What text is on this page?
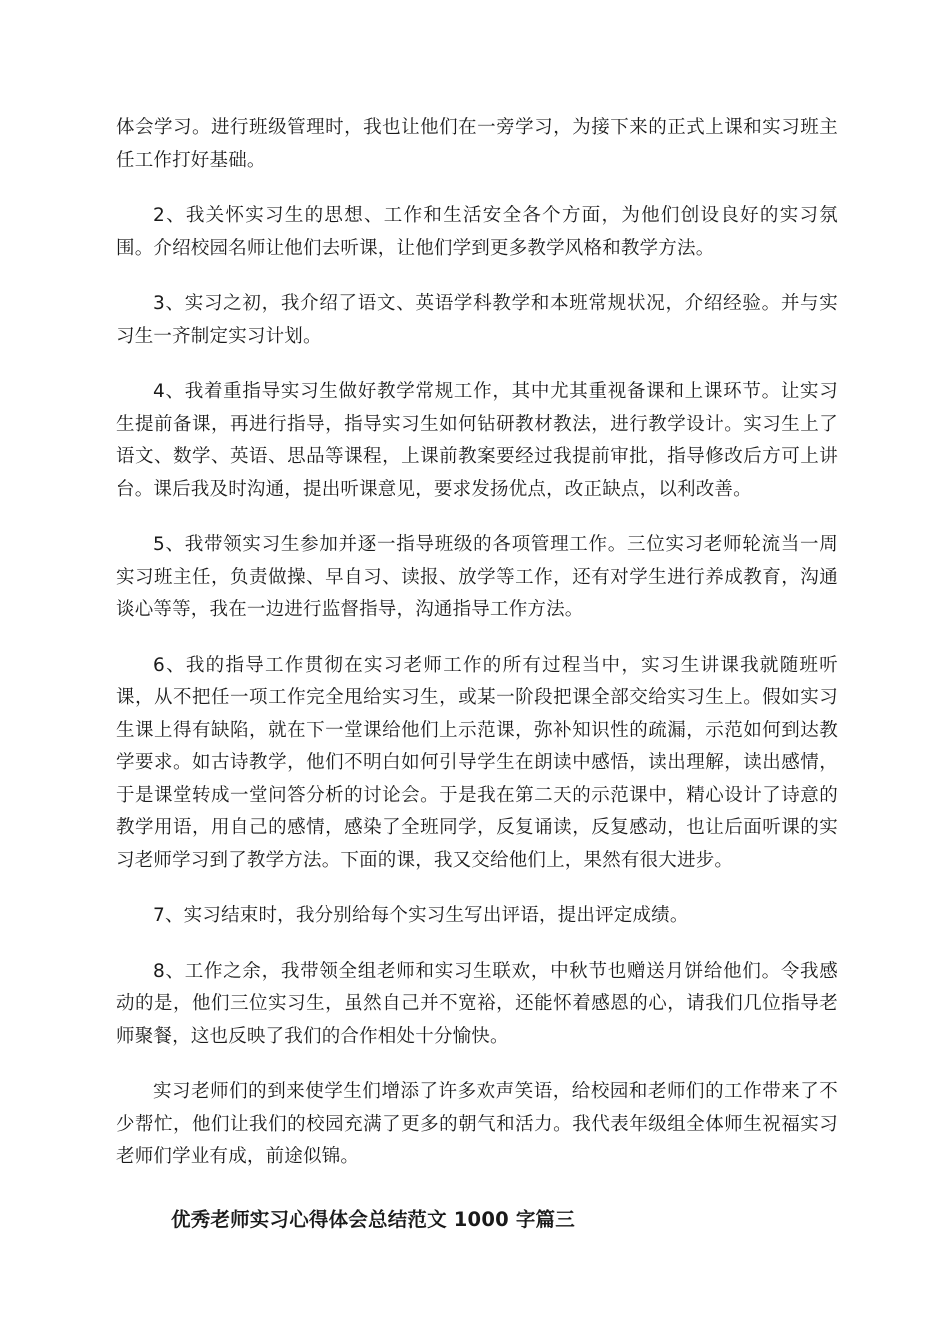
体会学习。进行班级管理时，我也让他们在一旁学习，为接下来的正式上课和实习班主任工作打好基础。

2、我关怀实习生的思想、工作和生活安全各个方面，为他们创设良好的实习氛围。介绍校园名师让他们去听课，让他们学到更多教学风格和教学方法。

3、实习之初，我介绍了语文、英语学科教学和本班常规状况，介绍经验。并与实习生一齐制定实习计划。

4、我着重指导实习生做好教学常规工作，其中尤其重视备课和上课环节。让实习生提前备课，再进行指导，指导实习生如何钻研教材教法，进行教学设计。实习生上了语文、数学、英语、思品等课程，上课前教案要经过我提前审批，指导修改后方可上讲台。课后我及时沟通，提出听课意见，要求发扬优点，改正缺点，以利改善。

5、我带领实习生参加并逐一指导班级的各项管理工作。三位实习老师轮流当一周实习班主任，负责做操、早自习、读报、放学等工作，还有对学生进行养成教育，沟通谈心等等，我在一边进行监督指导，沟通指导工作方法。

6、我的指导工作贯彻在实习老师工作的所有过程当中，实习生讲课我就随班听课，从不把任一项工作完全甩给实习生，或某一阶段把课全部交给实习生上。假如实习生课上得有缺陷，就在下一堂课给他们上示范课，弥补知识性的疏漏，示范如何到达教学要求。如古诗教学，他们不明白如何引导学生在朗读中感悟，读出理解，读出感情，于是课堂转成一堂问答分析的讨论会。于是我在第二天的示范课中，精心设计了诗意的教学用语，用自己的感情，感染了全班同学，反复诵读，反复感动，也让后面听课的实习老师学习到了教学方法。下面的课，我又交给他们上，果然有很大进步。

7、实习结束时，我分别给每个实习生写出评语，提出评定成绩。

8、工作之余，我带领全组老师和实习生联欢，中秋节也赠送月饼给他们。令我感动的是，他们三位实习生，虽然自己并不宽裕，还能怀着感恩的心，请我们几位指导老师聚餐，这也反映了我们的合作相处十分愉快。

实习老师们的到来使学生们增添了许多欢声笑语，给校园和老师们的工作带来了不少帮忙，他们让我们的校园充满了更多的朝气和活力。我代表年级组全体师生祝福实习老师们学业有成，前途似锦。

优秀老师实习心得体会总结范文 1000 字篇三
